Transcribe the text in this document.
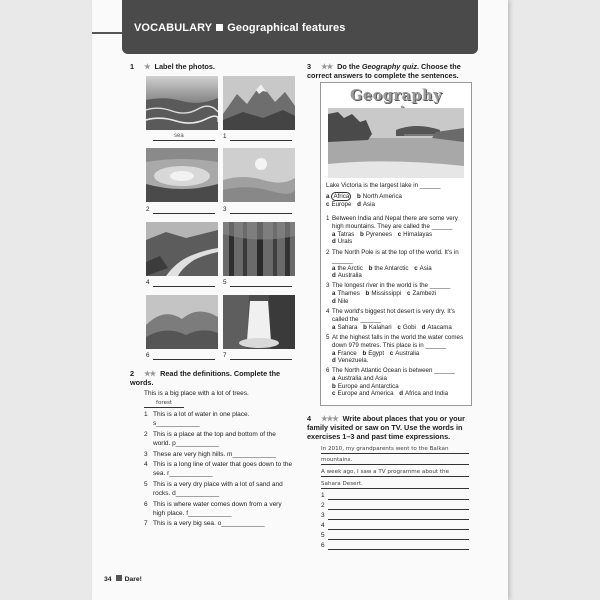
VOCABULARY Geographical features
1 ★ Label the photos.
sea	1
2	3
4	5
6	7
2 ★★ Read the definitions. Complete the words.
This is a big place with a lot of trees.
forest
1 This is a lot of water in one place. s____________
2 This is a place at the top and bottom of the world. p____________
3 These are very high hills. m____________
4 This is a long line of water that goes down to the sea. r____________
5 This is a very dry place with a lot of sand and rocks. d____________
6 This is where water comes down from a very high place. f____________
7 This is a very big sea. o____________
3 ★★ Do the Geography quiz. Choose the correct answers to complete the sentences.
Geography
Lake Victoria is the largest lake in ______
a Africa b North America
c Europe d Asia
1 Between India and Nepal there are some very high mountains. They are called the ______
a Tatras b Pyrenees c Himalayas
d Urals
2 The North Pole is at the top of the world. It's in ______
a the Arctic b the Antarctic c Asia
d Australia
3 The longest river in the world is the ______
a Thames b Mississippi c Zambezi
d Nile
4 The world's biggest hot desert is very dry. It's called the ______
a Sahara b Kalahari c Gobi d Atacama
5 At the highest falls in the world the water comes down 979 metres. This place is in ______
a France b Egypt c Australia
d Venezuela.
6 The North Atlantic Ocean is between ______
a Australia and Asia
b Europe and Antarctica
c Europe and America d Africa and India
4 ★★★ Write about places that you or your family visited or saw on TV. Use the words in exercises 1–3 and past time expressions.
In 2010, my grandparents went to the Balkan
mountains.
A week ago, I saw a TV programme about the
Sahara Desert.
1
2
3
4
5
6
34 Dare!
